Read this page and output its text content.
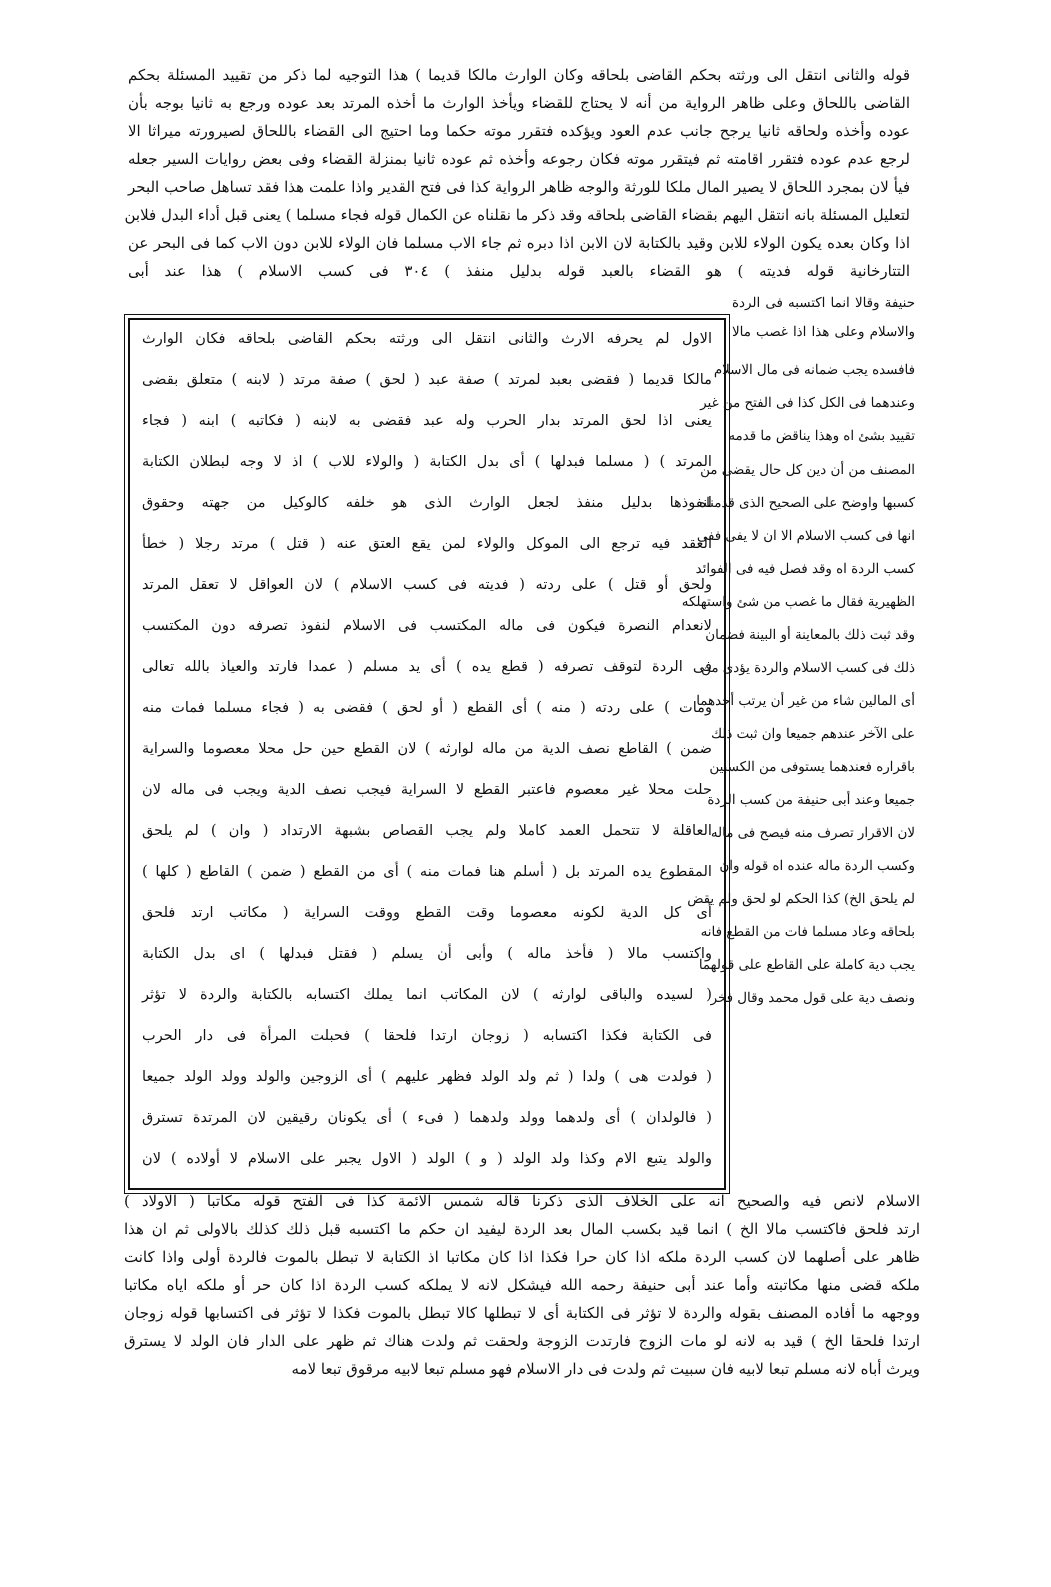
قوله والثانى انتقل الى ورثته بحكم القاضى بلحاقه وكان الوارث مالكا قديما ) هذا التوجيه لما ذكر من تقييد المسئلة بحكم
القاضى باللحاق وعلى ظاهر الرواية من أنه لا يحتاج للقضاء ويأخذ الوارث ما أخذه المرتد بعد عوده ورجع به ثانيا بوجه بأن
عوده وأخذه ولحاقه ثانيا يرجح جانب عدم العود ويؤكده فتقرر موته حكما وما احتيج الى القضاء باللحاق لصيرورته ميراثا الا
لرجع عدم عوده فتقرر اقامته ثم فيتقرر موته فكان رجوعه وأخذه ثم عوده ثانيا بمنزلة القضاء وفى بعض روايات السير جعله
فيأ لان بمجرد اللحاق لا يصير المال ملكا للورثة والوجه ظاهر الرواية كذا فى فتح القدير واذا علمت هذا فقد تساهل صاحب البحر
لتعليل المسئلة بانه انتقل اليهم بقضاء القاضى بلحاقه وقد ذكر ما نقلناه عن الكمال قوله فجاء مسلما ) يعنى قبل أداء البدل فلابن
اذا وكان بعده يكون الولاء للابن وقيد بالكتابة لان الابن اذا دبره ثم جاء الاب مسلما فان الولاء للابن دون الاب كما فى البحر عن
التتارخانية قوله فديته ) هو القضاء بالعبد قوله بدليل منفذ ) ٣٠٤ فى كسب الاسلام ) هذا عند أبى
حنيفة وقالا انما اكتسبه فى الردة
والاسلام وعلى هذا اذا غصب مالا
فافسده يجب ضمانه فى مال الاسلام
وعندهما فى الكل كذا فى الفتح من غير
تقييد بشئ اه وهذا يناقض ما قدمه
المصنف من أن دين كل حال يقضى من
كسبها واوضح على الصحيح الذى قدمناه
انها فى كسب الاسلام الا ان لا يفى ففى
كسب الردة اه وقد فصل فيه فى الفوائد
الظهيرية فقال ما غصب من شئ واستهلكه
وقد ثبت ذلك بالمعاينة أو البينة فضمان
ذلك فى كسب الاسلام والردة يؤدى من
أى المالين شاء من غير أن يرتب أحدهما
على الآخر عندهم جميعا وان ثبت ذلك
باقراره فعندهما يستوفى من الكسبين
جميعا وعند أبى حنيفة من كسب الردة
لان الاقرار تصرف منه فيصح فى ماله
وكسب الردة ماله عنده اه قوله وان
لم يلحق الخ) كذا الحكم لو لحق ولم يقض
بلحاقه وعاد مسلما فات من القطع فانه
يجب دية كاملة على القاطع على قولهما
ونصف دية على قول محمد وقال فخر
الاول لم يحرفه الارث والثانى انتقل الى ورثته بحكم القاضى بلحاقه فكان الوارث
مالكا قديما ( فقضى بعبد لمرتد ) صفة عبد ( لحق ) صفة مرتد ( لابنه ) متعلق بقضى
يعنى اذا لحق المرتد بدار الحرب وله عبد فقضى به لابنه ( فكاتبه ) ابنه ( فجاء
المرتد ) ( مسلما فبدلها ) أى بدل الكتابة ( والولاء للاب ) اذ لا وجه لبطلان الكتابة
لنفوذها بدليل منفذ لجعل الوارث الذى هو خلفه كالوكيل من جهته وحقوق
العقد فيه ترجع الى الموكل والولاء لمن يقع العتق عنه ( قتل ) مرتد رجلا ( خطأ
ولحق أو قتل ) على ردته ( فديته فى كسب الاسلام ) لان العواقل لا تعقل المرتد
لانعدام النصرة فيكون فى ماله المكتسب فى الاسلام لنفوذ تصرفه دون المكتسب
فى الردة لتوقف تصرفه ( قطع يده ) أى يد مسلم ( عمدا فارتد والعياذ بالله تعالى
ومات ) على ردته ( منه ) أى القطع ( أو لحق ) فقضى به ( فجاء مسلما فمات منه
ضمن ) القاطع نصف الدية من ماله لوارثه ) لان القطع حين حل محلا معصوما والسراية
حلت محلا غير معصوم فاعتبر القطع لا السراية فيجب نصف الدية ويجب فى ماله لان
العاقلة لا تتحمل العمد كاملا ولم يجب القصاص بشبهة الارتداد ( وان ) لم يلحق
المقطوع يده المرتد بل ( أسلم هنا فمات منه ) أى من القطع ( ضمن ) القاطع ( كلها )
أى كل الدية لكونه معصوما وقت القطع ووقت السراية ( مكاتب ارتد فلحق
واكتسب مالا ( فأخذ ماله ) وأبى أن يسلم ( فقتل فبدلها ) اى بدل الكتابة
( لسيده والباقى لوارثه ) لان المكاتب انما يملك اكتسابه بالكتابة والردة لا تؤثر
فى الكتابة فكذا اكتسابه ( زوجان ارتدا فلحقا ) فحبلت المرأة فى دار الحرب
( فولدت هى ) ولدا ( ثم ولد الولد فظهر عليهم ) أى الزوجين والولد وولد الولد جميعا
( فالولدان ) أى ولدهما وولد ولدهما ( فىء ) أى يكونان رقيقين لان المرتدة تسترق
والولد يتبع الام وكذا ولد الولد ( و ) الولد ( الاول يجبر على الاسلام لا أولاده ) لان
الاسلام لانص فيه والصحيح انه على الخلاف الذى ذكرنا قاله شمس الائمة كذا فى الفتح قوله مكاتبا ( الاولاد )
ارتد فلحق فاكتسب مالا الخ ) انما قيد بكسب المال بعد الردة ليفيد ان حكم ما اكتسبه قبل ذلك كذلك بالاولى ثم ان هذا
ظاهر على أصلهما لان كسب الردة ملكه اذا كان حرا فكذا اذا كان مكاتبا اذ الكتابة لا تبطل بالموت فالردة أولى واذا كانت
ملكه قضى منها مكاتبته وأما عند أبى حنيفة رحمه الله فيشكل لانه لا يملكه كسب الردة اذا كان حر أو ملكه اياه مكاتبا
ووجهه ما أفاده المصنف بقوله والردة لا تؤثر فى الكتابة أى لا تبطلها كالا تبطل بالموت فكذا لا تؤثر فى اكتسابها قوله زوجان
ارتدا فلحقا الخ ) قيد به لانه لو مات الزوج فارتدت الزوجة ولحقت ثم ولدت هناك ثم ظهر على الدار فان الولد لا يسترق
ويرث أباه لانه مسلم تبعا لابيه فان سبيت ثم ولدت فى دار الاسلام فهو مسلم تبعا لابيه مرقوق تبعا لامه
